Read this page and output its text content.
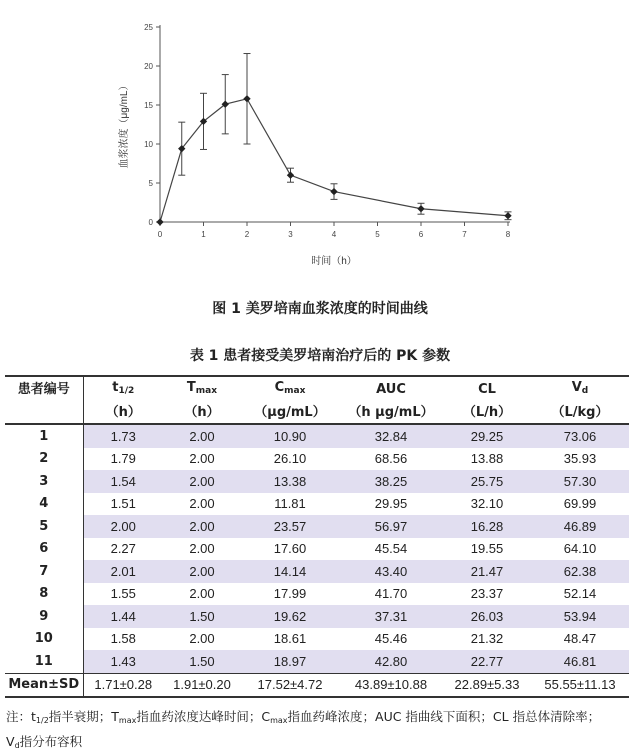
0	1	2	3	4	5	6	7	8
0
5
10
15
20
25
时间（h）
血浆浓度（μg/mL）
图 1 美罗培南血浆浓度的时间曲线
表 1 患者接受美罗培南治疗后的 PK 参数
患者编号	$t_{1/2}$	$T_{max}$	$C_{max}$	AUC	CL	$V_d$
	（h）	（h）	（μg/mL）	（h μg/mL）	（L/h）	（L/kg）
1	1.73	2.00	10.90	32.84	29.25	73.06
2	1.79	2.00	26.10	68.56	13.88	35.93
3	1.54	2.00	13.38	38.25	25.75	57.30
4	1.51	2.00	11.81	29.95	32.10	69.99
5	2.00	2.00	23.57	56.97	16.28	46.89
6	2.27	2.00	17.60	45.54	19.55	64.10
7	2.01	2.00	14.14	43.40	21.47	62.38
8	1.55	2.00	17.99	41.70	23.37	52.14
9	1.44	1.50	19.62	37.31	26.03	53.94
10	1.58	2.00	18.61	45.46	21.32	48.47
11	1.43	1.50	18.97	42.80	22.77	46.81
Mean±SD	1.71±0.28	1.91±0.20	17.52±4.72	43.89±10.88	22.89±5.33	55.55±11.13
注：$t_{1/2}$指半衰期；$T_{max}$指血药浓度达峰时间；$C_{max}$指血药峰浓度；AUC 指曲线下面积；CL 指总体清除率；
$V_d$指分布容积
